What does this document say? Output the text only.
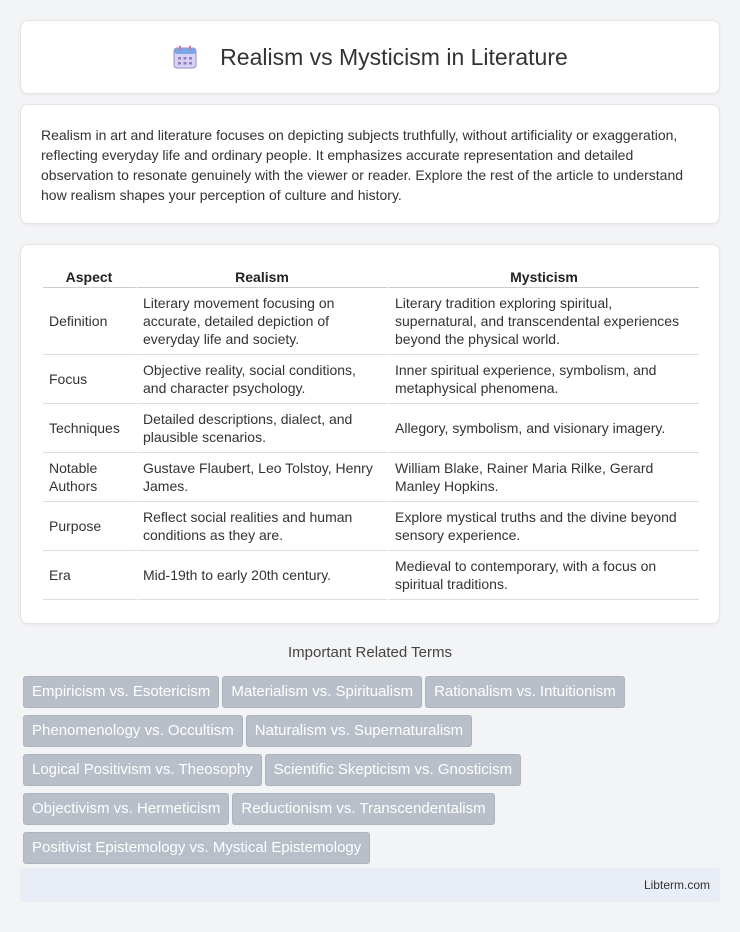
Realism vs Mysticism in Literature

Realism in art and literature focuses on depicting subjects truthfully, without artificiality or exaggeration, reflecting everyday life and ordinary people. It emphasizes accurate representation and detailed observation to resonate genuinely with the viewer or reader. Explore the rest of the article to understand how realism shapes your perception of culture and history.

Aspect	Realism	Mysticism
Definition	Literary movement focusing on accurate, detailed depiction of everyday life and society.	Literary tradition exploring spiritual, supernatural, and transcendental experiences beyond the physical world.
Focus	Objective reality, social conditions, and character psychology.	Inner spiritual experience, symbolism, and metaphysical phenomena.
Techniques	Detailed descriptions, dialect, and plausible scenarios.	Allegory, symbolism, and visionary imagery.
Notable Authors	Gustave Flaubert, Leo Tolstoy, Henry James.	William Blake, Rainer Maria Rilke, Gerard Manley Hopkins.
Purpose	Reflect social realities and human conditions as they are.	Explore mystical truths and the divine beyond sensory experience.
Era	Mid-19th to early 20th century.	Medieval to contemporary, with a focus on spiritual traditions.
Important Related Terms
Empiricism vs. Esotericism Materialism vs. Spiritualism Rationalism vs. Intuitionism
Phenomenology vs. Occultism Naturalism vs. Supernaturalism
Logical Positivism vs. Theosophy Scientific Skepticism vs. Gnosticism
Objectivism vs. Hermeticism Reductionism vs. Transcendentalism
Positivist Epistemology vs. Mystical Epistemology
Libterm.com
